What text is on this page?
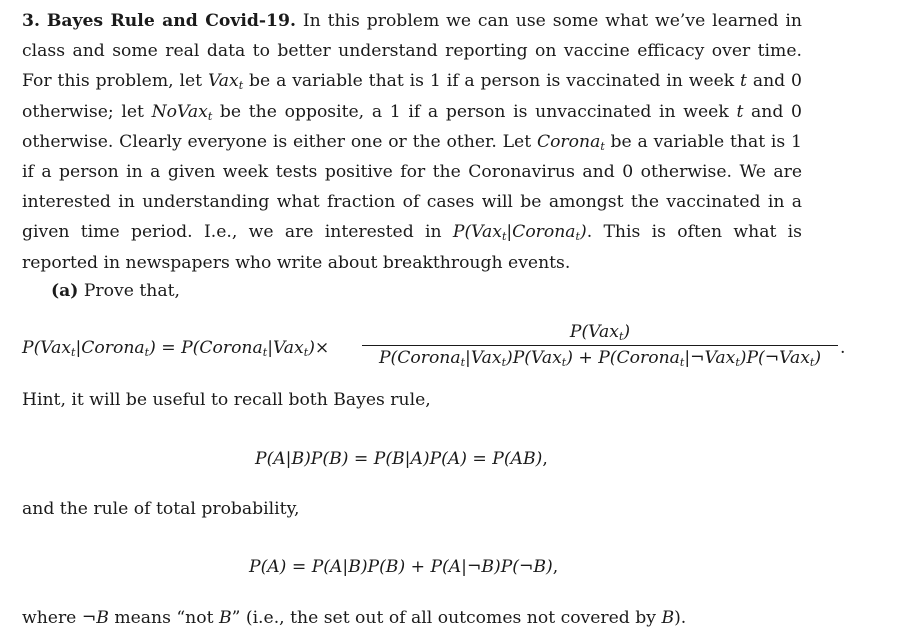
3. Bayes Rule and Covid-19. In this problem we can use some what we’ve learned in class and some real data to better understand reporting on vaccine efficacy over time. For this problem, let Vax$_t$ be a variable that is 1 if a person is vaccinated in week t and 0 otherwise; let NoVax$_t$ be the opposite, a 1 if a person is unvaccinated in week t and 0 otherwise. Clearly everyone is either one or the other. Let Corona$_t$ be a variable that is 1 if a person in a given week tests positive for the Coronavirus and 0 otherwise. We are interested in understanding what fraction of cases will be amongst the vaccinated in a given time period. I.e., we are interested in P(Vax$_t$|Corona$_t$). This is often what is reported in newspapers who write about breakthrough events.
(a) Prove that,
P(Vax$_t$|Corona$_t$) = P(Corona$_t$|Vax$_t$)×
P(Vax$_t$)
P(Corona$_t$|Vax$_t$)P(Vax$_t$) + P(Corona$_t$|¬Vax$_t$)P(¬Vax$_t$)	.
Hint, it will be useful to recall both Bayes rule,
P(A|B)P(B) = P(B|A)P(A) = P(AB),
and the rule of total probability,
P(A) = P(A|B)P(B) + P(A|¬B)P(¬B),
where ¬B means “not B” (i.e., the set out of all outcomes not covered by B).
